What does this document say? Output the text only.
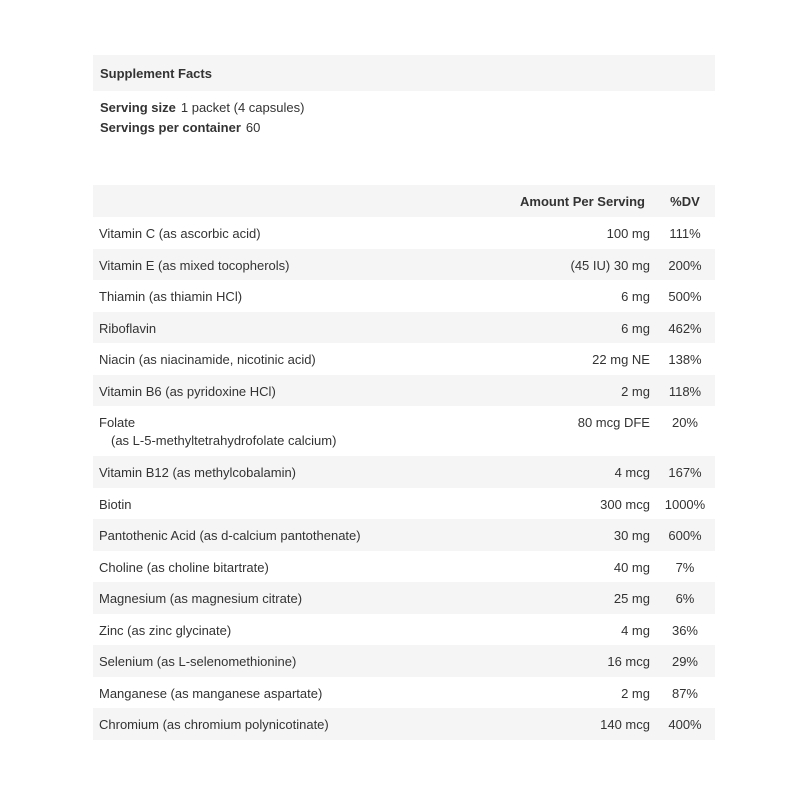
Supplement Facts
Serving size 1 packet (4 capsules)
Servings per container 60
	Amount Per Serving	%DV

Vitamin C (as ascorbic acid)	100 mg	111%

Vitamin E (as mixed tocopherols)	(45 IU) 30 mg	200%

Thiamin (as thiamin HCl)	6 mg	500%

Riboflavin	6 mg	462%

Niacin (as niacinamide, nicotinic acid)	22 mg NE	138%

Vitamin B6 (as pyridoxine HCl)	2 mg	118%

Folate
(as L-5-methyltetrahydrofolate calcium)	80 mcg DFE	20%

Vitamin B12 (as methylcobalamin)	4 mcg	167%

Biotin	300 mcg	1000%

Pantothenic Acid (as d-calcium pantothenate)	30 mg	600%

Choline (as choline bitartrate)	40 mg	7%

Magnesium (as magnesium citrate)	25 mg	6%

Zinc (as zinc glycinate)	4 mg	36%

Selenium (as L-selenomethionine)	16 mcg	29%

Manganese (as manganese aspartate)	2 mg	87%

Chromium (as chromium polynicotinate)	140 mcg	400%
